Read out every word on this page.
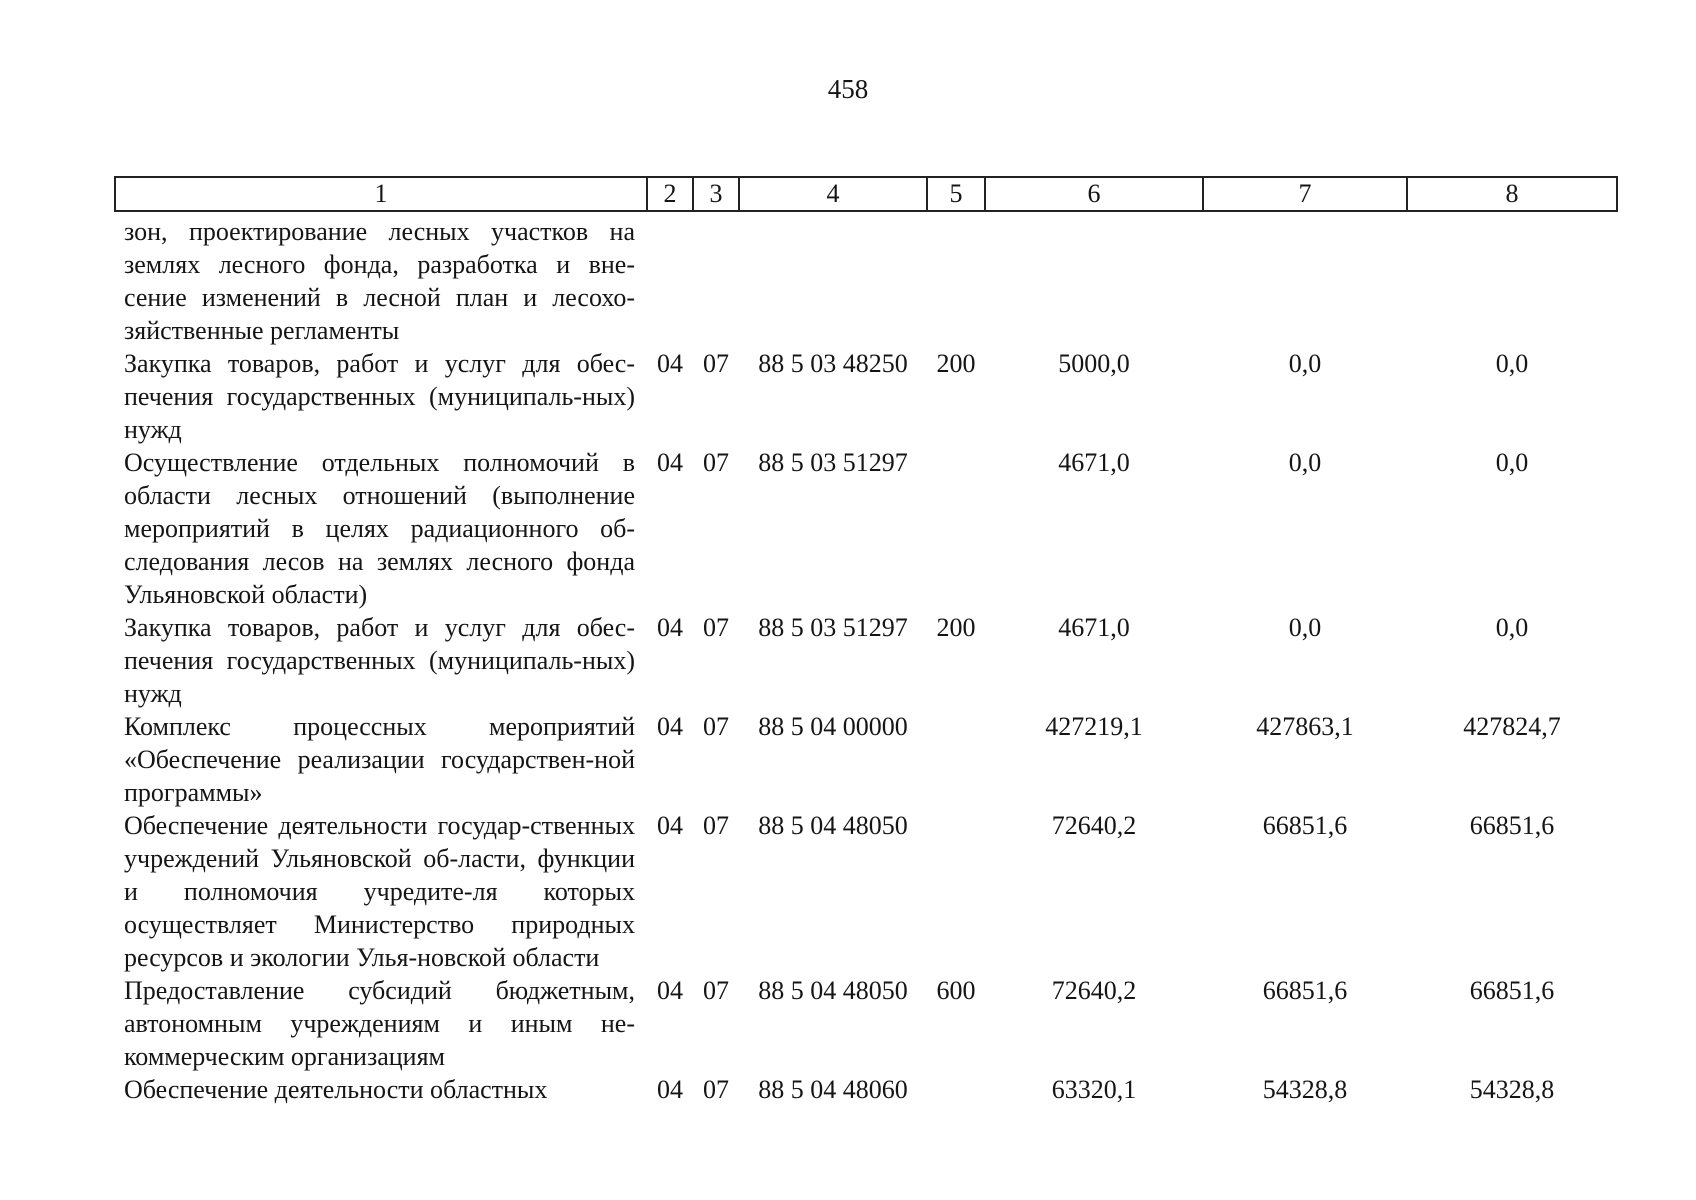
458
1	2	3	4	5	6	7	8

зон, проектирование лесных участков на землях лесного фонда, разработка и вне-сение изменений в лесной план и лесохо-зяйственные регламенты							
Закупка товаров, работ и услуг для обес-печения государственных (муниципаль-ных) нужд	04	07	88 5 03 48250	200	5000,0	0,0	0,0
Осуществление отдельных полномочий в области лесных отношений (выполнение мероприятий в целях радиационного об-следования лесов на землях лесного фонда Ульяновской области)	04	07	88 5 03 51297		4671,0	0,0	0,0
Закупка товаров, работ и услуг для обес-печения государственных (муниципаль-ных) нужд	04	07	88 5 03 51297	200	4671,0	0,0	0,0
Комплекс процессных мероприятий «Обеспечение реализации государствен-ной программы»	04	07	88 5 04 00000		427219,1	427863,1	427824,7
Обеспечение деятельности государ-ственных учреждений Ульяновской об-ласти, функции и полномочия учредите-ля которых осуществляет Министерство природных ресурсов и экологии Улья-новской области	04	07	88 5 04 48050		72640,2	66851,6	66851,6
Предоставление субсидий бюджетным, автономным учреждениям и иным не-коммерческим организациям	04	07	88 5 04 48050	600	72640,2	66851,6	66851,6
Обеспечение деятельности областных	04	07	88 5 04 48060		63320,1	54328,8	54328,8
